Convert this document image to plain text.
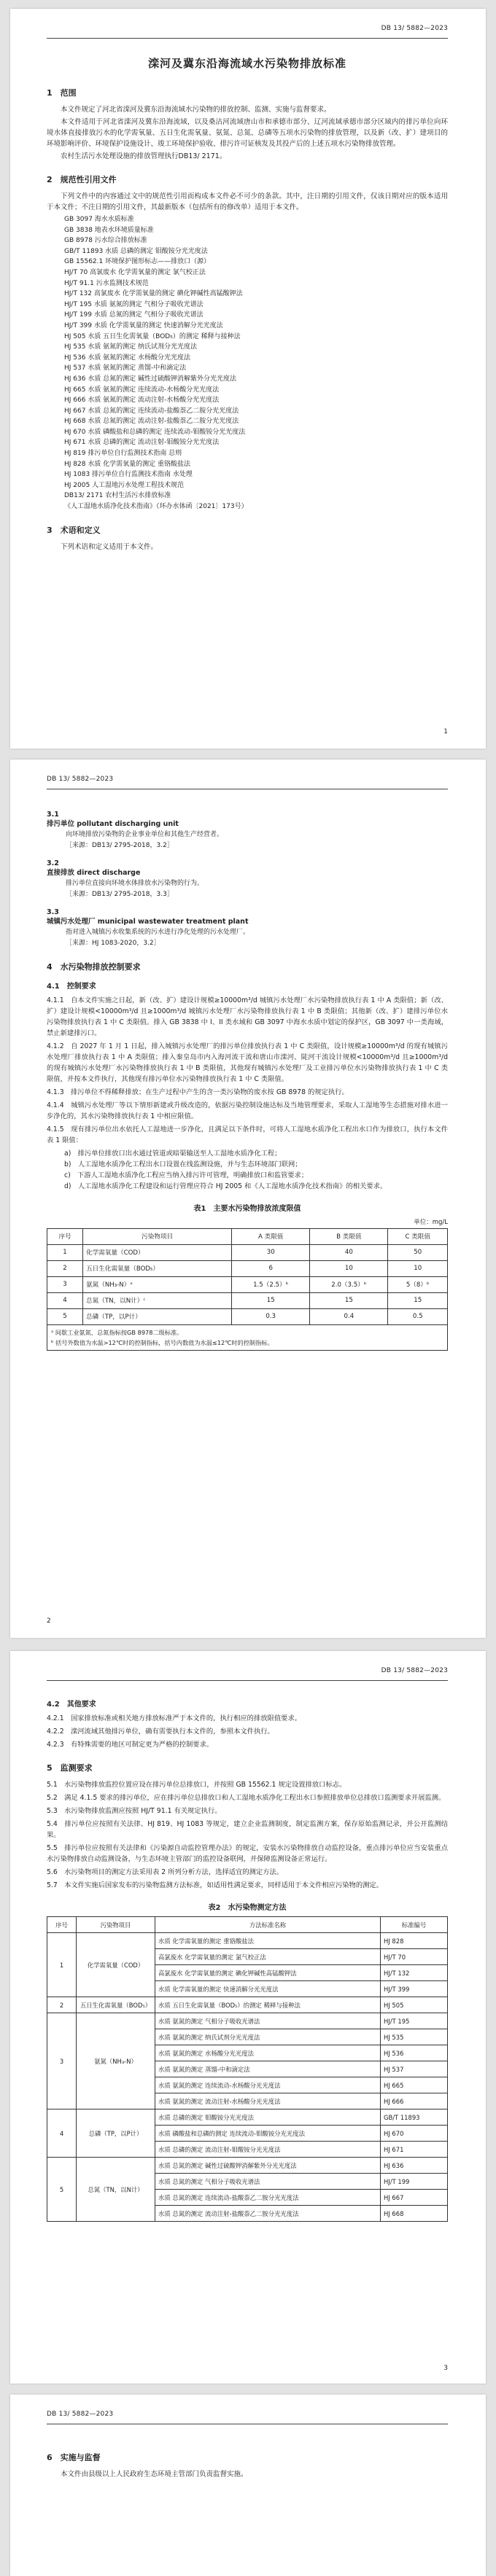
DB 13/ 5882—2023
滦河及冀东沿海流域水污染物排放标准
1　范围

本文件规定了河北省滦河及冀东沿海流域水污染物的排放控制、监测、实施与监督要求。

本文件适用于河北省滦河及冀东沿海流域，以及桑沽河流域唐山市和承德市部分、辽河流域承德市部分区域内的排污单位向环境水体直接排放污水的化学需氧量、五日生化需氧量、氨氮、总氮、总磷等五项水污染物的排放管理，以及新（改、扩）建项目的环境影响评价、环境保护设施设计、竣工环境保护验收、排污许可证核发及其投产后的上述五项水污染物排放管理。

农村生活污水处理设施的排放管理执行DB13/ 2171。

2　规范性引用文件

下列文件中的内容通过文中的规范性引用而构成本文件必不可少的条款。其中，注日期的引用文件，仅该日期对应的版本适用于本文件；不注日期的引用文件，其最新版本（包括所有的修改单）适用于本文件。

GB 3097 海水水质标准
GB 3838 地表水环境质量标准
GB 8978 污水综合排放标准
GB/T 11893 水质 总磷的测定 钼酸铵分光光度法
GB 15562.1 环境保护图形标志——排放口（源）
HJ/T 70 高氯废水 化学需氧量的测定 氯气校正法
HJ/T 91.1 污水监测技术规范
HJ/T 132 高氯废水 化学需氧量的测定 碘化钾碱性高锰酸钾法
HJ/T 195 水质 氨氮的测定 气相分子吸收光谱法
HJ/T 199 水质 总氮的测定 气相分子吸收光谱法
HJ/T 399 水质 化学需氧量的测定 快速消解分光光度法
HJ 505 水质 五日生化需氧量（BOD₅）的测定 稀释与接种法
HJ 535 水质 氨氮的测定 纳氏试剂分光光度法
HJ 536 水质 氨氮的测定 水杨酸分光光度法
HJ 537 水质 氨氮的测定 蒸馏-中和滴定法
HJ 636 水质 总氮的测定 碱性过硫酸钾消解紫外分光光度法
HJ 665 水质 氨氮的测定 连续流动-水杨酸分光光度法
HJ 666 水质 氨氮的测定 流动注射-水杨酸分光光度法
HJ 667 水质 总氮的测定 连续流动-盐酸萘乙二胺分光光度法
HJ 668 水质 总氮的测定 流动注射-盐酸萘乙二胺分光光度法
HJ 670 水质 磷酸盐和总磷的测定 连续流动-钼酸铵分光光度法
HJ 671 水质 总磷的测定 流动注射-钼酸铵分光光度法
HJ 819 排污单位自行监测技术指南 总则
HJ 828 水质 化学需氧量的测定 重铬酸盐法
HJ 1083 排污单位自行监测技术指南 水处理
HJ 2005 人工湿地污水处理工程技术规范
DB13/ 2171 农村生活污水排放标准
《人工湿地水质净化技术指南》（环办水体函〔2021〕173号）
3　术语和定义

下列术语和定义适用于本文件。

1
DB 13/ 5882—2023
3.1
排污单位 pollutant discharging unit
向环境排放污染物的企业事业单位和其他生产经营者。
［来源：DB13/ 2795-2018，3.2］
3.2
直接排放 direct discharge
排污单位直接向环境水体排放水污染物的行为。
［来源：DB13/ 2795-2018，3.3］
3.3
城镇污水处理厂 municipal wastewater treatment plant
指对进入城镇污水收集系统的污水进行净化处理的污水处理厂。
［来源：HJ 1083-2020，3.2］
4　水污染物排放控制要求
4.1　控制要求

4.1.1　自本文件实施之日起，新（改、扩）建设计规模≥10000m³/d 城镇污水处理厂水污染物排放执行表 1 中 A 类限值；新（改、扩）建设计规模<10000m³/d 且≥1000m³/d 城镇污水处理厂水污染物排放执行表 1 中 B 类限值；其他新（改、扩）建排污单位水污染物排放执行表 1 中 C 类限值。排入 GB 3838 中 I、II 类水域和 GB 3097 中海水水质中划定的保护区，GB 3097 中一类海域，禁止新建排污口。

4.1.2　自 2027 年 1 月 1 日起，排入城镇污水处理厂的排污单位排放执行表 1 中 C 类限值，设计规模≥10000m³/d 的现有城镇污水处理厂排放执行表 1 中 A 类限值；排入秦皇岛市内入海河流干流和唐山市滦河、陡河干流设计规模<10000m³/d 且≥1000m³/d 的现有城镇污水处理厂水污染物排放执行表 1 中 B 类限值，其他现有城镇污水处理厂及工业排污单位水污染物排放执行表 1 中 C 类限值，并按本文件执行，其他现有排污单位水污染物排放执行表 1 中 C 类限值。

4.1.3　排污单位不得稀释排放；在生产过程中产生的含一类污染物的废水按 GB 8978 的规定执行。

4.1.4　城镇污水处理厂等以下情形新建或升级改造的，依据污染控制设施达标及当地管理要求，采取人工湿地等生态措施对排水进一步净化的，其水污染物排放执行表 1 中相应限值。

4.1.5　现有排污单位出水依托人工湿地进一步净化，且满足以下条件时，可将人工湿地水质净化工程出水口作为排放口，执行本文件表 1 限值：

a)　排污单位排放口出水通过管道或暗渠输送至人工湿地水质净化工程；
b)　人工湿地水质净化工程出水口设置在线监测设施，并与生态环境部门联网；
c)　下游人工湿地水质净化工程应当纳入排污许可管理，明确排放口和监管要求；
d)　人工湿地水质净化工程建设和运行管理应符合 HJ 2005 和《人工湿地水质净化技术指南》的相关要求。
表1　主要水污染物排放浓度限值
单位：mg/L
序号	污染物项目	A 类限值	B 类限值	C 类限值
1	化学需氧量（COD）	30	40	50
2	五日生化需氧量（BOD₅）	6	10	10
3	氨氮（NH₃-N）ᵃ	1.5（2.5）ᵇ	2.0（3.5）ᵇ	5（8）ᵇ
4	总氮（TN，以N计）ᶜ	15	15	15
5	总磷（TP，以P计）	0.3	0.4	0.5
ᵃ 间歇工业氨氮、总氮指标按GB 8978二级标准。
ᵇ 括号外数值为水温>12℃时的控制指标，括号内数值为水温≤12℃时的控制指标。
2
DB 13/ 5882—2023
4.2　其他要求

4.2.1　国家排放标准或相关地方排放标准严于本文件的，执行相应的排放限值要求。

4.2.2　滦河流域其他排污单位，确有需要执行本文件的，参照本文件执行。

4.2.3　有特殊需要的地区可制定更为严格的控制要求。

5　监测要求

5.1　水污染物排放监控位置应设在排污单位总排放口，并按照 GB 15562.1 规定设置排放口标志。

5.2　满足 4.1.5 要求的排污单位，应在排污单位总排放口和人工湿地水质净化工程出水口参照排放单位总排放口监测要求开展监测。

5.3　水污染物排放监测应按照 HJ/T 91.1 有关规定执行。

5.4　排污单位应按照有关法律、HJ 819、HJ 1083 等规定，建立企业监测制度，制定监测方案，保存原始监测记录，并公开监测结果。

5.5　排污单位应按照有关法律和《污染源自动监控管理办法》的规定，安装水污染物排放自动监控设备，重点排污单位应当安装重点水污染物排放自动监测设备，与生态环境主管部门的监控设备联网，并保障监测设备正常运行。

5.6　水污染物项目的测定方法采用表 2 所列分析方法，选择适宜的测定方法。

5.7　本文件实施后国家发布的污染物监测方法标准，如适用性满足要求，同样适用于本文件相应污染物的测定。

表2　水污染物测定方法
序号	污染物项目	方法标准名称	标准编号
1	化学需氧量（COD）	水质 化学需氧量的测定 重铬酸盐法	HJ 828
		高氯废水 化学需氧量的测定 氯气校正法	HJ/T 70
		高氯废水 化学需氧量的测定 碘化钾碱性高锰酸钾法	HJ/T 132
		水质 化学需氧量的测定 快速消解分光光度法	HJ/T 399
2	五日生化需氧量（BOD₅）	水质 五日生化需氧量（BOD₅）的测定 稀释与接种法	HJ 505
3	氨氮（NH₃-N）	水质 氨氮的测定 气相分子吸收光谱法	HJ/T 195
		水质 氨氮的测定 纳氏试剂分光光度法	HJ 535
		水质 氨氮的测定 水杨酸分光光度法	HJ 536
		水质 氨氮的测定 蒸馏-中和滴定法	HJ 537
		水质 氨氮的测定 连续流动-水杨酸分光光度法	HJ 665
		水质 氨氮的测定 流动注射-水杨酸分光光度法	HJ 666
4	总磷（TP，以P计）	水质 总磷的测定 钼酸铵分光光度法	GB/T 11893
		水质 磷酸盐和总磷的测定 连续流动-钼酸铵分光光度法	HJ 670
		水质 总磷的测定 流动注射-钼酸铵分光光度法	HJ 671
5	总氮（TN，以N计）	水质 总氮的测定 碱性过硫酸钾消解紫外分光光度法	HJ 636
		水质 总氮的测定 气相分子吸收光谱法	HJ/T 199
		水质 总氮的测定 连续流动-盐酸萘乙二胺分光光度法	HJ 667
		水质 总氮的测定 流动注射-盐酸萘乙二胺分光光度法	HJ 668
3
DB 13/ 5882—2023
6　实施与监督

本文件由县级以上人民政府生态环境主管部门负责监督实施。
